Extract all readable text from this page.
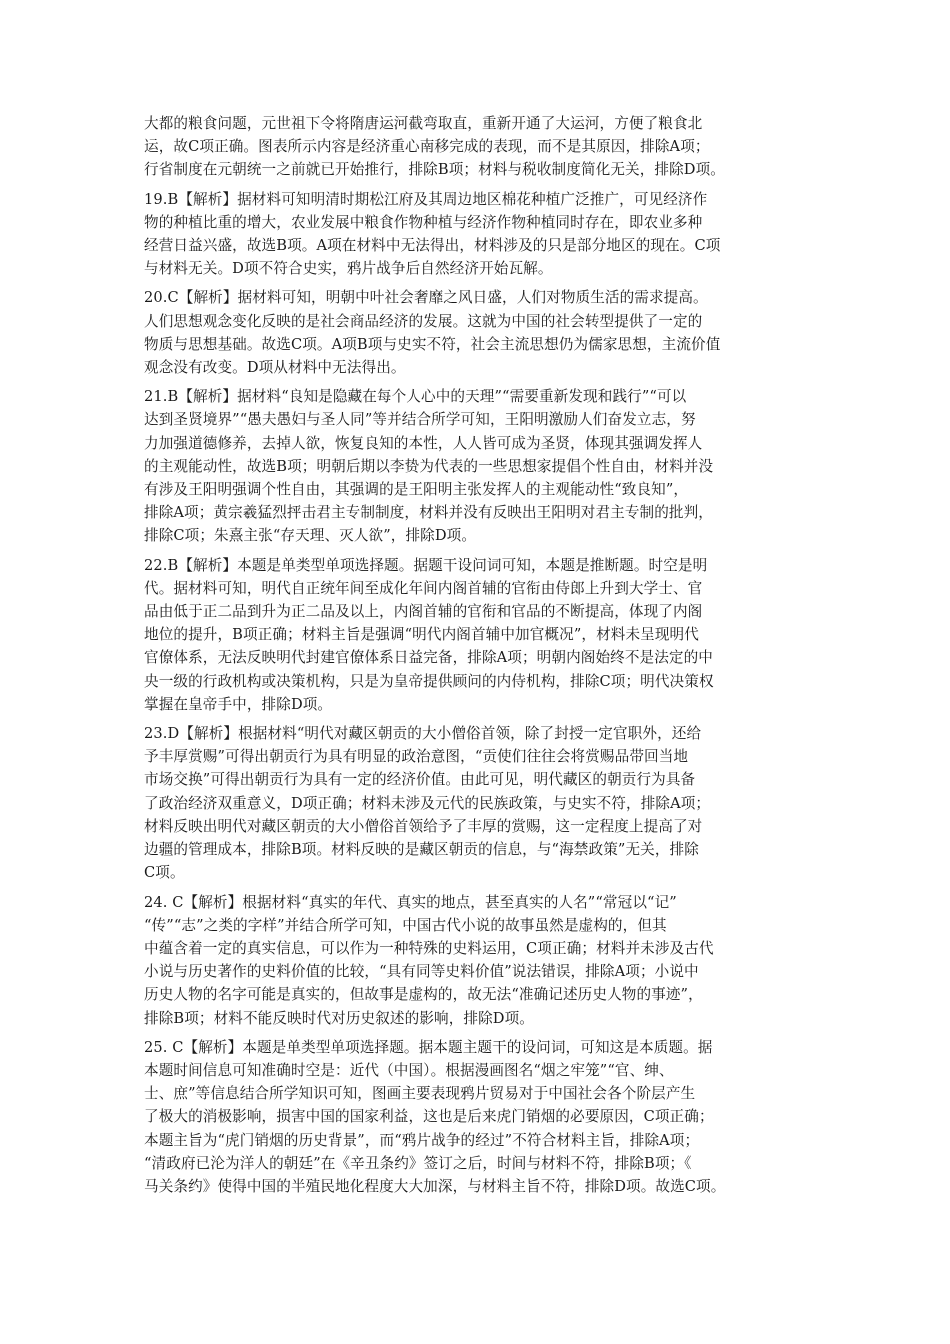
大都的粮食问题，元世祖下令将隋唐运河截弯取直，重新开通了大运河，方便了粮食北
运，故C项正确。图表所示内容是经济重心南移完成的表现，而不是其原因，排除A项；
行省制度在元朝统一之前就已开始推行，排除B项；材料与税收制度简化无关，排除D项。
19.B【解析】据材料可知明清时期松江府及其周边地区棉花种植广泛推广，可见经济作
物的种植比重的增大，农业发展中粮食作物种植与经济作物种植同时存在，即农业多种
经营日益兴盛，故选B项。A项在材料中无法得出，材料涉及的只是部分地区的现在。C项
与材料无关。D项不符合史实，鸦片战争后自然经济开始瓦解。
20.C【解析】据材料可知，明朝中叶社会奢靡之风日盛，人们对物质生活的需求提高。
人们思想观念变化反映的是社会商品经济的发展。这就为中国的社会转型提供了一定的
物质与思想基础。故选C项。A项B项与史实不符，社会主流思想仍为儒家思想，主流价值
观念没有改变。D项从材料中无法得出。
21.B【解析】据材料“良知是隐藏在每个人心中的天理”“需要重新发现和践行”“可以
达到圣贤境界”“愚夫愚妇与圣人同”等并结合所学可知，王阳明激励人们奋发立志，努
力加强道德修养，去掉人欲，恢复良知的本性，人人皆可成为圣贤，体现其强调发挥人
的主观能动性，故选B项；明朝后期以李贽为代表的一些思想家提倡个性自由，材料并没
有涉及王阳明强调个性自由，其强调的是王阳明主张发挥人的主观能动性“致良知”，
排除A项；黄宗羲猛烈抨击君主专制制度，材料并没有反映出王阳明对君主专制的批判，
排除C项；朱熹主张“存天理、灭人欲”，排除D项。
22.B【解析】本题是单类型单项选择题。据题干设问词可知，本题是推断题。时空是明
代。据材料可知，明代自正统年间至成化年间内阁首辅的官衔由侍郎上升到大学士、官
品由低于正二品到升为正二品及以上，内阁首辅的官衔和官品的不断提高，体现了内阁
地位的提升，B项正确；材料主旨是强调“明代内阁首辅中加官概况”，材料未呈现明代
官僚体系，无法反映明代封建官僚体系日益完备，排除A项；明朝内阁始终不是法定的中
央一级的行政机构或决策机构，只是为皇帝提供顾问的内侍机构，排除C项；明代决策权
掌握在皇帝手中，排除D项。
23.D【解析】根据材料“明代对藏区朝贡的大小僧俗首领，除了封授一定官职外，还给
予丰厚赏赐”可得出朝贡行为具有明显的政治意图，“贡使们往往会将赏赐品带回当地
市场交换”可得出朝贡行为具有一定的经济价值。由此可见，明代藏区的朝贡行为具备
了政治经济双重意义，D项正确；材料未涉及元代的民族政策，与史实不符，排除A项；
材料反映出明代对藏区朝贡的大小僧俗首领给予了丰厚的赏赐，这一定程度上提高了对
边疆的管理成本，排除B项。材料反映的是藏区朝贡的信息，与“海禁政策”无关，排除
C项。
24. C【解析】根据材料“真实的年代、真实的地点，甚至真实的人名”“常冠以“记”
“传”“志”之类的字样”并结合所学可知，中国古代小说的故事虽然是虚构的，但其
中蕴含着一定的真实信息，可以作为一种特殊的史料运用，C项正确；材料并未涉及古代
小说与历史著作的史料价值的比较，“具有同等史料价值”说法错误，排除A项；小说中
历史人物的名字可能是真实的，但故事是虚构的，故无法“准确记述历史人物的事迹”，
排除B项；材料不能反映时代对历史叙述的影响，排除D项。
25. C【解析】本题是单类型单项选择题。据本题主题干的设问词，可知这是本质题。据
本题时间信息可知准确时空是：近代（中国）。根据漫画图名“烟之牢笼”“官、绅、
士、庶”等信息结合所学知识可知，图画主要表现鸦片贸易对于中国社会各个阶层产生
了极大的消极影响，损害中国的国家利益，这也是后来虎门销烟的必要原因，C项正确；
本题主旨为“虎门销烟的历史背景”，而“鸦片战争的经过”不符合材料主旨，排除A项；
“清政府已沦为洋人的朝廷”在《辛丑条约》签订之后，时间与材料不符，排除B项；《
马关条约》使得中国的半殖民地化程度大大加深，与材料主旨不符，排除D项。故选C项。
